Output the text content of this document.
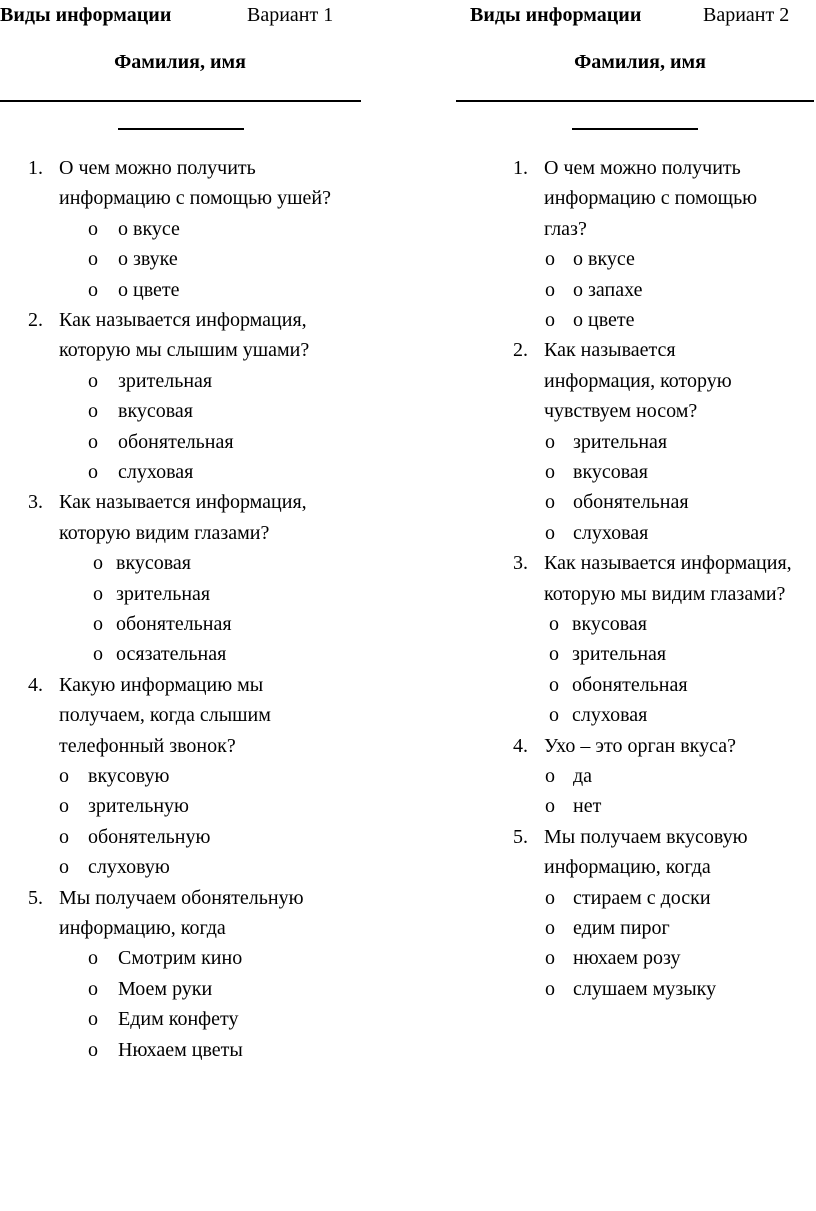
Виды информации	Вариант 1
Фамилия, имя
1. О чем можно получить информацию с помощью ушей?
o о вкусе
o о звуке
o о цвете
2. Как называется информация, которую мы слышим ушами?
o зрительная
o вкусовая
o обонятельная
o слуховая
3. Как называется информация, которую видим глазами?
o вкусовая
o зрительная
o обонятельная
o осязательная
4. Какую информацию мы получаем, когда слышим телефонный звонок?
o вкусовую
o зрительную
o обонятельную
o слуховую
5. Мы получаем обонятельную информацию, когда
o Смотрим кино
o Моем руки
o Едим конфету
o Нюхаем цветы
Виды информации	Вариант 2
Фамилия, имя
1. О чем можно получить информацию с помощью глаз?
o о вкусе
o о запахе
o о цвете
2. Как называется информация, которую чувствуем носом?
o зрительная
o вкусовая
o обонятельная
o слуховая
3. Как называется информация, которую мы видим глазами?
o вкусовая
o зрительная
o обонятельная
o слуховая
4. Ухо – это орган вкуса?
o да
o нет
5. Мы получаем вкусовую информацию, когда
o стираем с доски
o едим пирог
o нюхаем розу
o слушаем музыку
